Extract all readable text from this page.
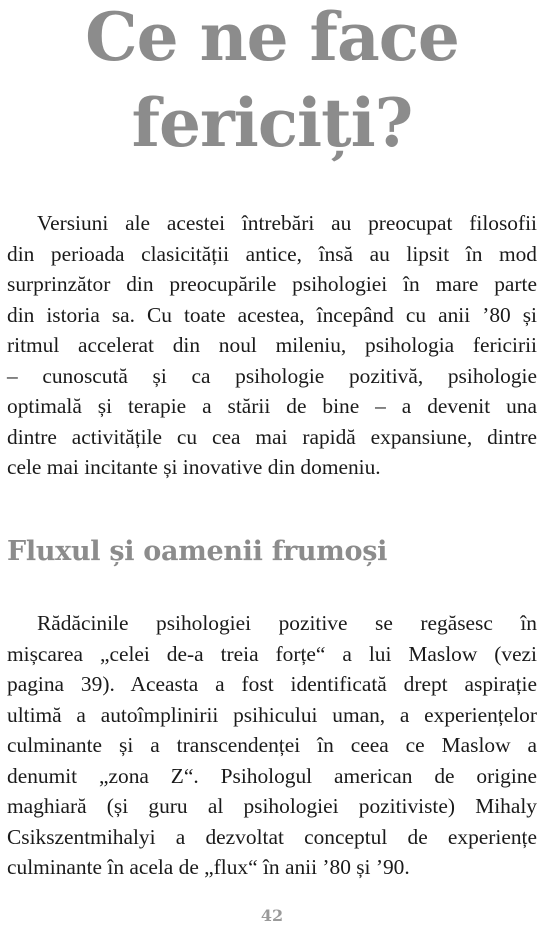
Ce ne face
fericiți?

Versiuni ale acestei întrebări au preocupat filosofii
din perioada clasicității antice, însă au lipsit în mod
surprinzător din preocupările psihologiei în mare parte
din istoria sa. Cu toate acestea, începând cu anii ’80 și
ritmul accelerat din noul mileniu, psihologia fericirii
– cunoscută și ca psihologie pozitivă, psihologie
optimală și terapie a stării de bine – a devenit una
dintre activitățile cu cea mai rapidă expansiune, dintre
cele mai incitante și inovative din domeniu.

Fluxul și oamenii frumoși

Rădăcinile psihologiei pozitive se regăsesc în
mișcarea „celei de-a treia forțe“ a lui Maslow (vezi
pagina 39). Aceasta a fost identificată drept aspirație
ultimă a autoîmplinirii psihicului uman, a experiențelor
culminante și a transcendenței în ceea ce Maslow a
denumit „zona Z“. Psihologul american de origine
maghiară (și guru al psihologiei pozitiviste) Mihaly
Csikszentmihalyi a dezvoltat conceptul de experiențe
culminante în acela de „flux“ în anii ’80 și ’90.

42
